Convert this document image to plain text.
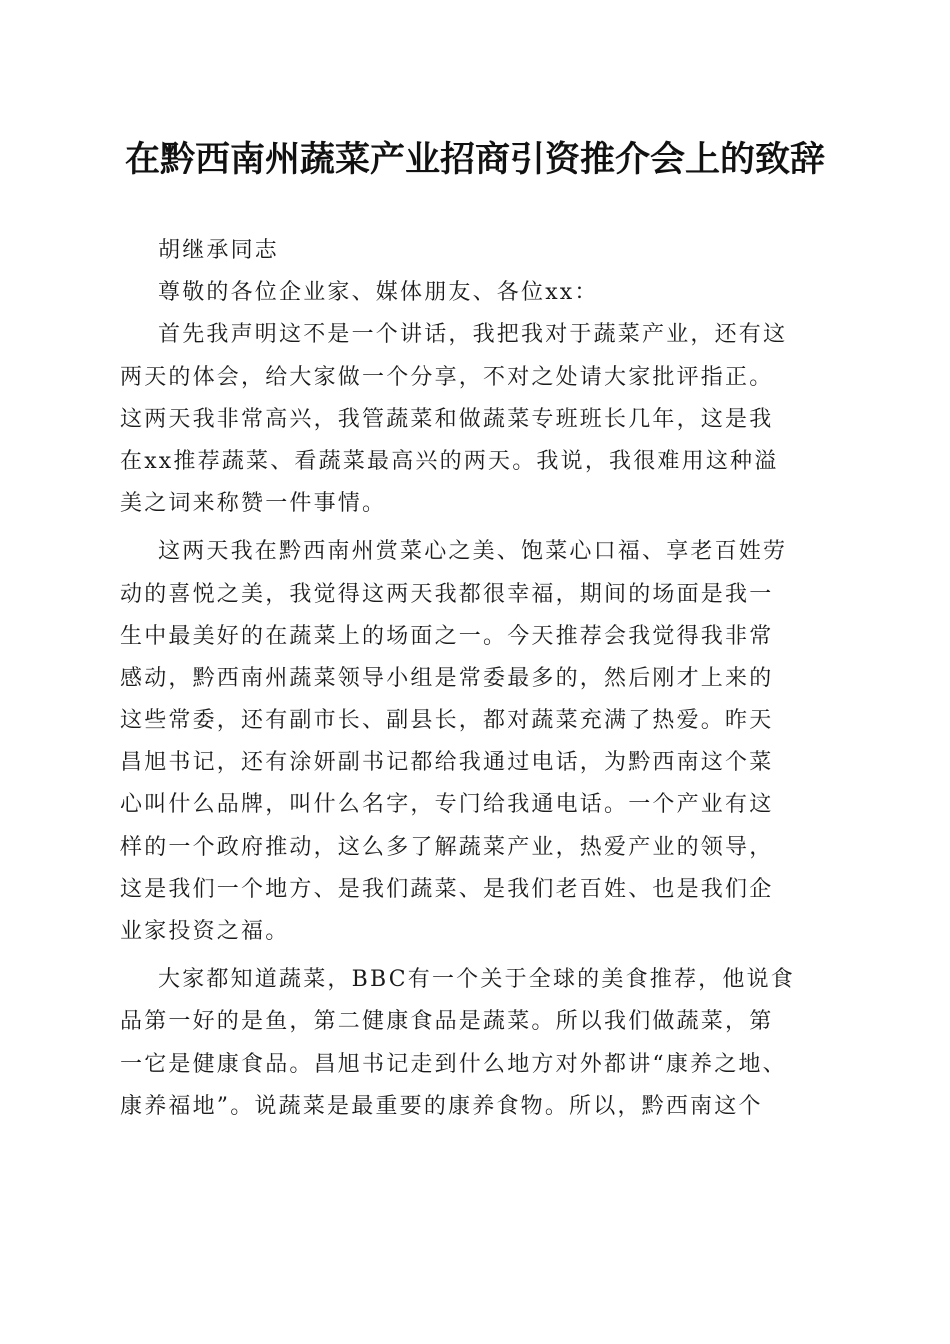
在黔西南州蔬菜产业招商引资推介会上的致辞
胡继承同志
尊敬的各位企业家、媒体朋友、各位xx：
首先我声明这不是一个讲话，我把我对于蔬菜产业，还有这
两天的体会，给大家做一个分享，不对之处请大家批评指正。
这两天我非常高兴，我管蔬菜和做蔬菜专班班长几年，这是我
在xx推荐蔬菜、看蔬菜最高兴的两天。我说，我很难用这种溢
美之词来称赞一件事情。
这两天我在黔西南州赏菜心之美、饱菜心口福、享老百姓劳
动的喜悦之美，我觉得这两天我都很幸福，期间的场面是我一
生中最美好的在蔬菜上的场面之一。今天推荐会我觉得我非常
感动，黔西南州蔬菜领导小组是常委最多的，然后刚才上来的
这些常委，还有副市长、副县长，都对蔬菜充满了热爱。昨天
昌旭书记，还有涂妍副书记都给我通过电话，为黔西南这个菜
心叫什么品牌，叫什么名字，专门给我通电话。一个产业有这
样的一个政府推动，这么多了解蔬菜产业，热爱产业的领导，
这是我们一个地方、是我们蔬菜、是我们老百姓、也是我们企
业家投资之福。
大家都知道蔬菜，BBC有一个关于全球的美食推荐，他说食
品第一好的是鱼，第二健康食品是蔬菜。所以我们做蔬菜，第
一它是健康食品。昌旭书记走到什么地方对外都讲“康养之地、
康养福地”。说蔬菜是最重要的康养食物。所以，黔西南这个
